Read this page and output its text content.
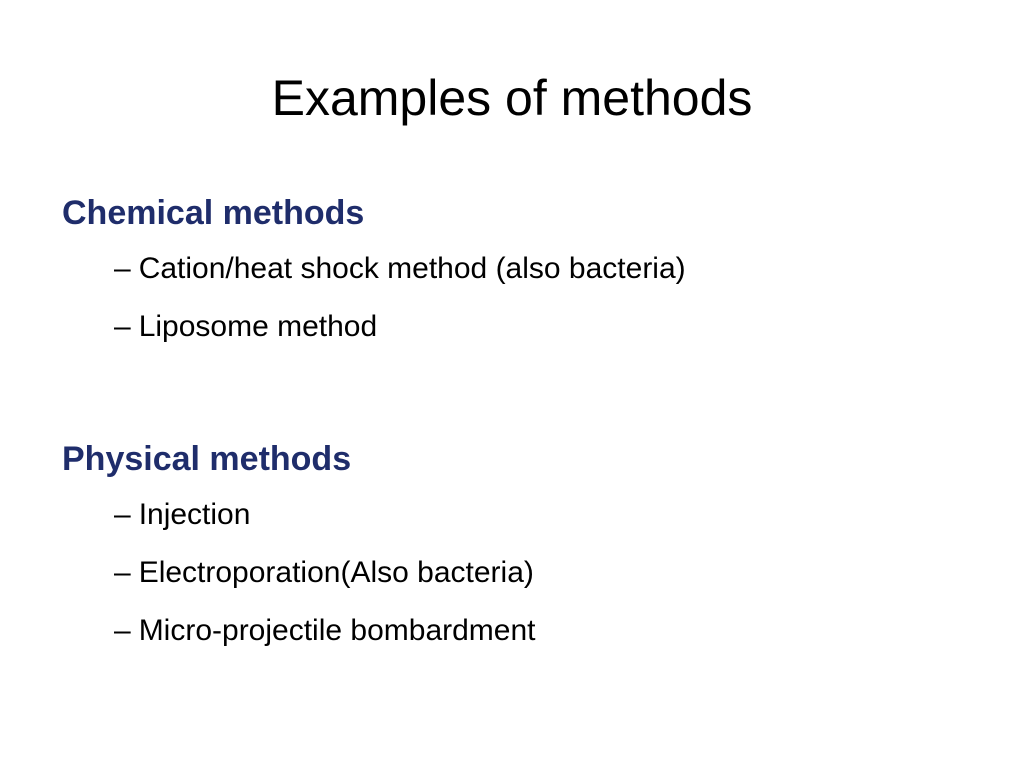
Examples of methods
Chemical methods
– Cation/heat shock method (also bacteria)
– Liposome method
Physical methods
– Injection
– Electroporation(Also bacteria)
– Micro-projectile bombardment
